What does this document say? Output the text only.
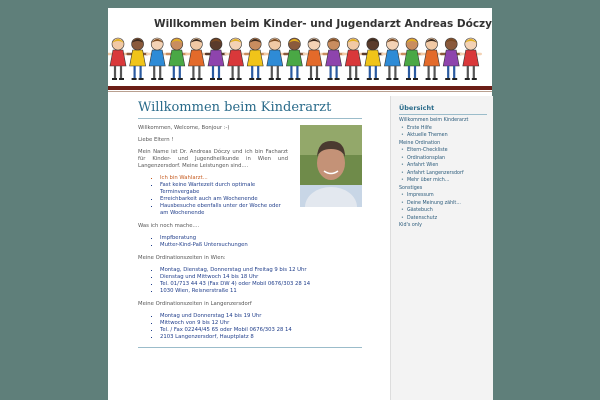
Willkommen beim Kinder- und Jugendarzt Andreas Dóczy
Willkommen beim Kinderarzt

Willkommen, Welcome, Bonjour :-)

Liebe Eltern !

Mein Name ist Dr. Andreas Dóczy und ich bin Facharzt für Kinder- und Jugendheilkunde in Wien und Langenzersdorf. Meine Leistungen sind....

▪ Ich bin Wahlarzt...
▪ Fast keine Wartezeit durch optimale Terminvergabe
▪ Erreichbarkeit auch am Wochenende
▪ Hausbesuche ebenfalls unter der Woche oder am Wochenende

Was ich noch mache....

▪ Impfberatung
▪ Mutter-Kind-Paß Untersuchungen

Meine Ordinationszeiten in Wien:

▪ Montag, Dienstag, Donnerstag und Freitag 9 bis 12 Uhr
▪ Dienstag und Mittwoch 14 bis 18 Uhr
▪ Tel. 01/713 44 43 (Fax DW 4) oder Mobil 0676/303 28 14
▪ 1030 Wien, Reisnerstraße 11

Meine Ordinationszeiten in Langenzersdorf

▪ Montag und Donnerstag 14 bis 19 Uhr
▪ Mittwoch von 9 bis 12 Uhr
▪ Tel. / Fax 02244/45 65 oder Mobil 0676/303 28 14
▪ 2103 Langenzersdorf, Hauptplatz 8
Übersicht
Willkommen beim Kinderarzt
• Erste Hilfe
• Aktuelle Themen
Meine Ordination
• Eltern-Checkliste
• Ordinationsplan
• Anfahrt Wien
• Anfahrt Langenzersdorf
• Mehr über mich...
Sonstiges
• Impressum
• Deine Meinung zählt...
• Gästebuch
• Datenschutz
Kid's only
